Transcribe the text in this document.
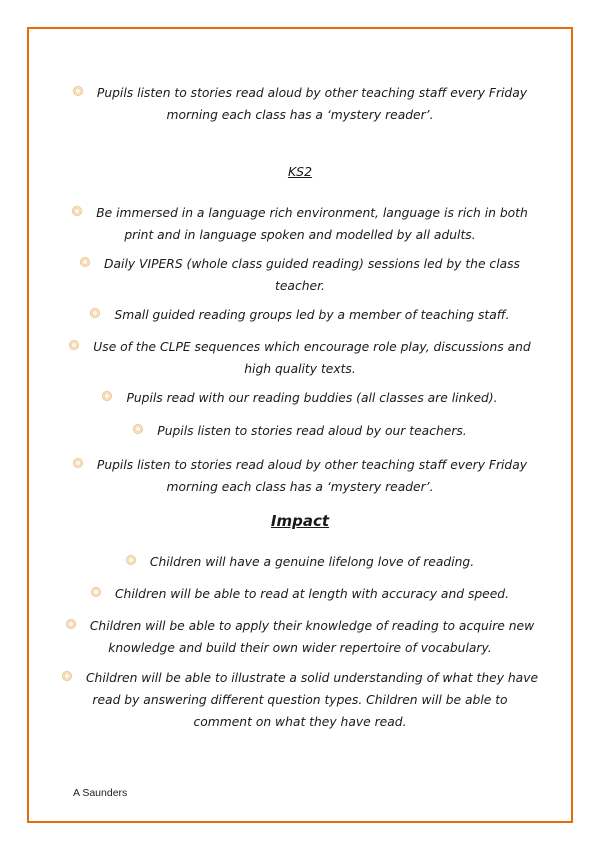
Pupils listen to stories read aloud by other teaching staff every Friday
morning each class has a ‘mystery reader’.
KS2
Be immersed in a language rich environment, language is rich in both
print and in language spoken and modelled by all adults.
Daily VIPERS (whole class guided reading) sessions led by the class
teacher.
Small guided reading groups led by a member of teaching staff.
Use of the CLPE sequences which encourage role play, discussions and
high quality texts.
Pupils read with our reading buddies (all classes are linked).
Pupils listen to stories read aloud by our teachers.
Pupils listen to stories read aloud by other teaching staff every Friday
morning each class has a ‘mystery reader’.
Impact
Children will have a genuine lifelong love of reading.
Children will be able to read at length with accuracy and speed.
Children will be able to apply their knowledge of reading to acquire new
knowledge and build their own wider repertoire of vocabulary.
Children will be able to illustrate a solid understanding of what they have
read by answering different question types. Children will be able to
comment on what they have read.
A Saunders
